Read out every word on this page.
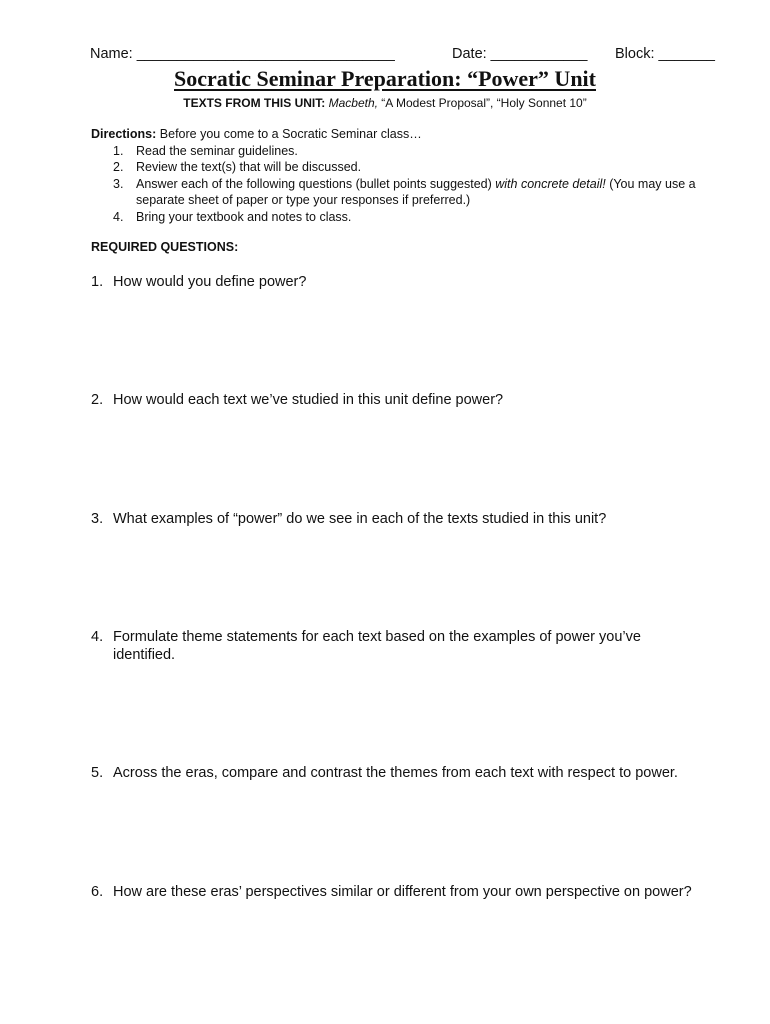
Name: ________________________________	Date: ____________ Block: _______
Socratic Seminar Preparation: “Power” Unit
TEXTS FROM THIS UNIT: Macbeth, “A Modest Proposal”, “Holy Sonnet 10”
Directions: Before you come to a Socratic Seminar class…
1. Read the seminar guidelines.
2. Review the text(s) that will be discussed.
3. Answer each of the following questions (bullet points suggested) with concrete detail! (You may use a separate sheet of paper or type your responses if preferred.)
4. Bring your textbook and notes to class.
REQUIRED QUESTIONS:
1. How would you define power?
2. How would each text we’ve studied in this unit define power?
3. What examples of “power” do we see in each of the texts studied in this unit?
4. Formulate theme statements for each text based on the examples of power you’ve identified.
5. Across the eras, compare and contrast the themes from each text with respect to power.
6. How are these eras’ perspectives similar or different from your own perspective on power?
